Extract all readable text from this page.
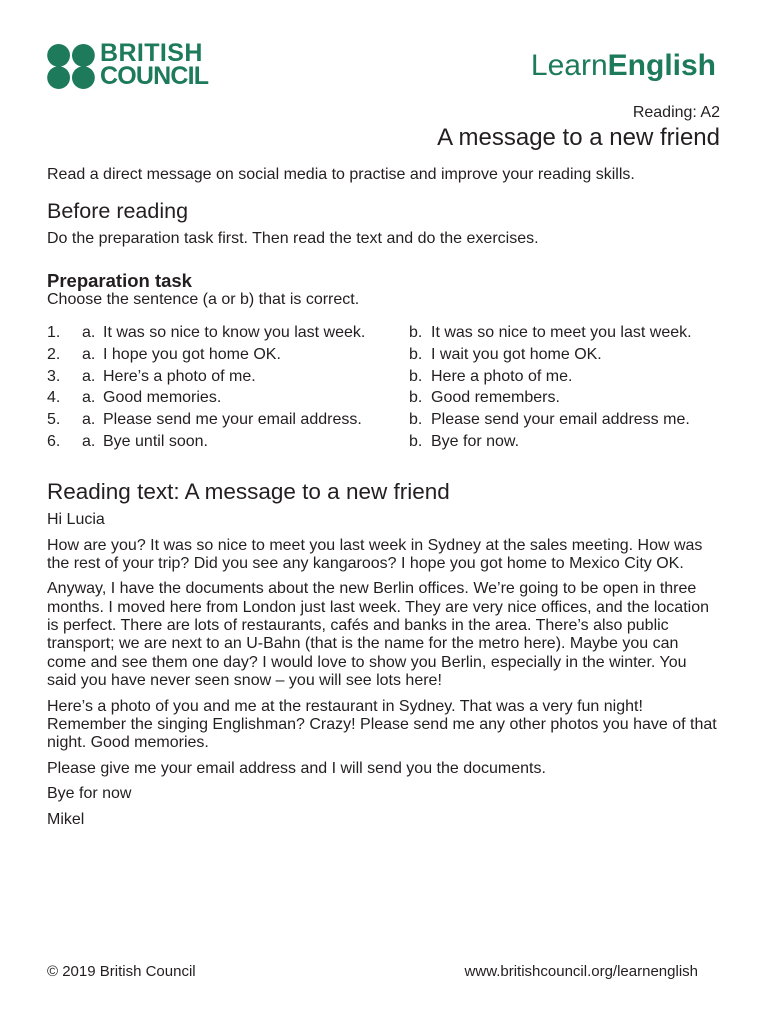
BRITISH
COUNCIL	LearnEnglish
Reading: A2
A message to a new friend
Read a direct message on social media to practise and improve your reading skills.
Before reading
Do the preparation task first. Then read the text and do the exercises.
Preparation task
Choose the sentence (a or b) that is correct.
1. a. It was so nice to know you last week.	b. It was so nice to meet you last week.
2. a. I hope you got home OK.	b. I wait you got home OK.
3. a. Here’s a photo of me.	b. Here a photo of me.
4. a. Good memories.	b. Good remembers.
5. a. Please send me your email address.	b. Please send your email address me.
6. a. Bye until soon.	b. Bye for now.
Reading text: A message to a new friend
Hi Lucia
How are you? It was so nice to meet you last week in Sydney at the sales meeting. How was
the rest of your trip? Did you see any kangaroos? I hope you got home to Mexico City OK.
Anyway, I have the documents about the new Berlin offices. We’re going to be open in three
months. I moved here from London just last week. They are very nice offices, and the location
is perfect. There are lots of restaurants, cafés and banks in the area. There’s also public
transport; we are next to an U-Bahn (that is the name for the metro here). Maybe you can
come and see them one day? I would love to show you Berlin, especially in the winter. You
said you have never seen snow – you will see lots here!
Here’s a photo of you and me at the restaurant in Sydney. That was a very fun night!
Remember the singing Englishman? Crazy! Please send me any other photos you have of that
night. Good memories.
Please give me your email address and I will send you the documents.
Bye for now
Mikel
© 2019 British Council	www.britishcouncil.org/learnenglish
